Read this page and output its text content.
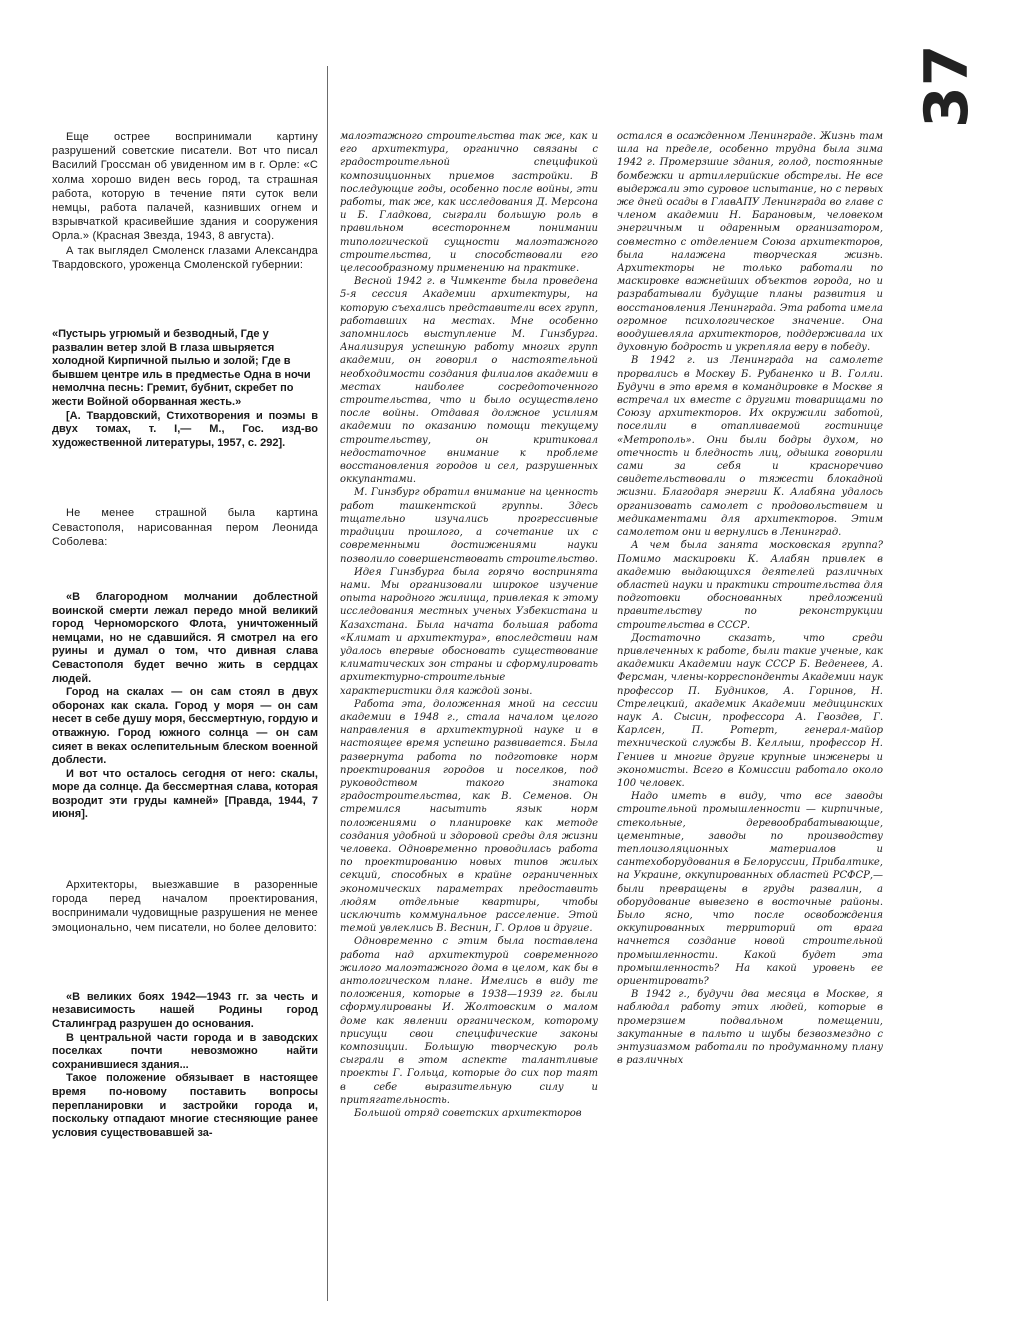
37

Еще острее воспринимали картину разрушений советские писатели. Вот что писал Василий Гроссман об увиденном им в г. Орле: «С холма хорошо виден весь город, та страшная работа, которую в течение пяти суток вели немцы, работа палачей, казнивших огнем и взрывчаткой красивейшие здания и сооружения Орла.» (Красная Звезда, 1943, 8 августа).

А так выглядел Смоленск глазами Александра Твардовского, уроженца Смоленской губернии:

«Пустырь угрюмый и безводный, Где у развалин ветер злой В глаза швыряется холодной Кирпичной пылью и золой; Где в бывшем центре иль в предместье Одна в ночи немолчна песнь: Гремит, бубнит, скребет по жести Войной оборванная жесть.»

[А. Твардовский, Стихотворения и поэмы в двух томах, т. I,— М., Гос. изд-во художественной литературы, 1957, с. 292].

Не менее страшной была картина Севастополя, нарисованная пером Леонида Соболева:

«В благородном молчании доблестной воинской смерти лежал передо мной великий город Черноморского Флота, уничтоженный немцами, но не сдавшийся. Я смотрел на его руины и думал о том, что дивная слава Севастополя будет вечно жить в сердцах людей.

Город на скалах — он сам стоял в двух оборонах как скала. Город у моря — он сам несет в себе душу моря, бессмертную, гордую и отважную. Город южного солнца — он сам сияет в веках ослепительным блеском военной доблести.

И вот что осталось сегодня от него: скалы, море да солнце. Да бессмертная слава, которая возродит эти груды камней» [Правда, 1944, 7 июня].

Архитекторы, выезжавшие в разоренные города перед началом проектирования, воспринимали чудовищные разрушения не менее эмоционально, чем писатели, но более деловито:

«В великих боях 1942—1943 гг. за честь и независимость нашей Родины город Сталинград разрушен до основания.

В центральной части города и в заводских поселках почти невозможно найти сохранившиеся здания...

Такое положение обязывает в настоящее время по-новому поставить вопросы перепланировки и застройки города и, поскольку отпадают многие стесняющие ранее условия существовавшей за-

малоэтажного строительства так же, как и его архитектура, органично связаны с градостроительной спецификой композиционных приемов застройки. В последующие годы, особенно после войны, эти работы, так же, как исследования Д. Мерсона и Б. Гладкова, сыграли большую роль в правильном всестороннем понимании типологической сущности малоэтажного строительства, и способствовали его целесообразному применению на практике.

Весной 1942 г. в Чимкенте была проведена 5-я сессия Академии архитектуры, на которую съехались представители всех групп, работавших на местах. Мне особенно запомнилось выступление М. Гинзбурга. Анализируя успешную работу многих групп академии, он говорил о настоятельной необходимости создания филиалов академии в местах наиболее сосредоточенного строительства, что и было осуществлено после войны. Отдавая должное усилиям академии по оказанию помощи текущему строительству, он критиковал недостаточное внимание к проблеме восстановления городов и сел, разрушенных оккупантами.

М. Гинзбург обратил внимание на ценность работ ташкентской группы. Здесь тщательно изучались прогрессивные традиции прошлого, а сочетание их с современными достижениями науки позволило совершенствовать строительство.

Идея Гинзбурга была горячо воспринята нами. Мы организовали широкое изучение опыта народного жилища, привлекая к этому исследования местных ученых Узбекистана и Казахстана. Была начата большая работа «Климат и архитектура», впоследствии нам удалось впервые обосновать существование климатических зон страны и сформулировать архитектурно-строительные характеристики для каждой зоны.

Работа эта, доложенная мной на сессии академии в 1948 г., стала началом целого направления в архитектурной науке и в настоящее время успешно развивается. Была развернута работа по подготовке норм проектирования городов и поселков, под руководством такого знатока градостроительства, как В. Семенов. Он стремился насытить язык норм положениями о планировке как методе создания удобной и здоровой среды для жизни человека. Одновременно проводилась работа по проектированию новых типов жилых секций, способных в крайне ограниченных экономических параметрах предоставить людям отдельные квартиры, чтобы исключить коммунальное расселение. Этой темой увлеклись В. Веснин, Г. Орлов и другие.

Одновременно с этим была поставлена работа над архитектурой современного жилого малоэтажного дома в целом, как бы в антологическом плане. Имелись в виду те положения, которые в 1938—1939 гг. были сформулированы И. Жолтовским о малом доме как явлении органическом, которому присущи свои специфические законы композиции. Большую творческую роль сыграли в этом аспекте талантливые проекты Г. Гольца, которые до сих пор таят в себе выразительную силу и притягательность.

Большой отряд советских архитекторов

остался в осажденном Ленинграде. Жизнь там шла на пределе, особенно трудна была зима 1942 г. Промерзшие здания, голод, постоянные бомбежки и артиллерийские обстрелы. Не все выдержали это суровое испытание, но с первых же дней осады в ГлавАПУ Ленинграда во главе с членом академии Н. Барановым, человеком энергичным и одаренным организатором, совместно с отделением Союза архитекторов, была налажена творческая жизнь. Архитекторы не только работали по маскировке важнейших объектов города, но и разрабатывали будущие планы развития и восстановления Ленинграда. Эта работа имела огромное психологическое значение. Она воодушевляла архитекторов, поддерживала их духовную бодрость и укрепляла веру в победу.

В 1942 г. из Ленинграда на самолете прорвались в Москву Б. Рубаненко и В. Голли. Будучи в это время в командировке в Москве я встречал их вместе с другими товарищами по Союзу архитекторов. Их окружили заботой, поселили в отапливаемой гостинице «Метрополь». Они были бодры духом, но отечность и бледность лиц, одышка говорили сами за себя и красноречиво свидетельствовали о тяжести блокадной жизни. Благодаря энергии К. Алабяна удалось организовать самолет с продовольствием и медикаментами для архитекторов. Этим самолетом они и вернулись в Ленинград.

А чем была занята московская группа? Помимо маскировки К. Алабян привлек в академию выдающихся деятелей различных областей науки и практики строительства для подготовки обоснованных предложений правительству по реконструкции строительства в СССР.

Достаточно сказать, что среди привлеченных к работе, были такие ученые, как академики Академии наук СССР Б. Веденеев, А. Ферсман, члены-корреспонденты Академии наук профессор П. Будников, А. Горинов, Н. Стрелецкий, академик Академии медицинских наук А. Сысин, профессора А. Гвоздев, Г. Карлсен, П. Ротерт, генерал-майор технической службы В. Келлыш, профессор Н. Гениев и многие другие крупные инженеры и экономисты. Всего в Комиссии работало около 100 человек.

Надо иметь в виду, что все заводы строительной промышленности — кирпичные, стекольные, деревообрабатывающие, цементные, заводы по производству теплоизоляционных материалов и сантехоборудования в Белоруссии, Прибалтике, на Украине, оккупированных областей РСФСР,— были превращены в груды развалин, а оборудование вывезено в восточные районы. Было ясно, что после освобождения оккупированных территорий от врага начнется создание новой строительной промышленности. Какой будет эта промышленность? На какой уровень ее ориентировать?

В 1942 г., будучи два месяца в Москве, я наблюдал работу этих людей, которые в промерзшем подвальном помещении, закутанные в пальто и шубы безвозмездно с энтузиазмом работали по продуманному плану в различных
